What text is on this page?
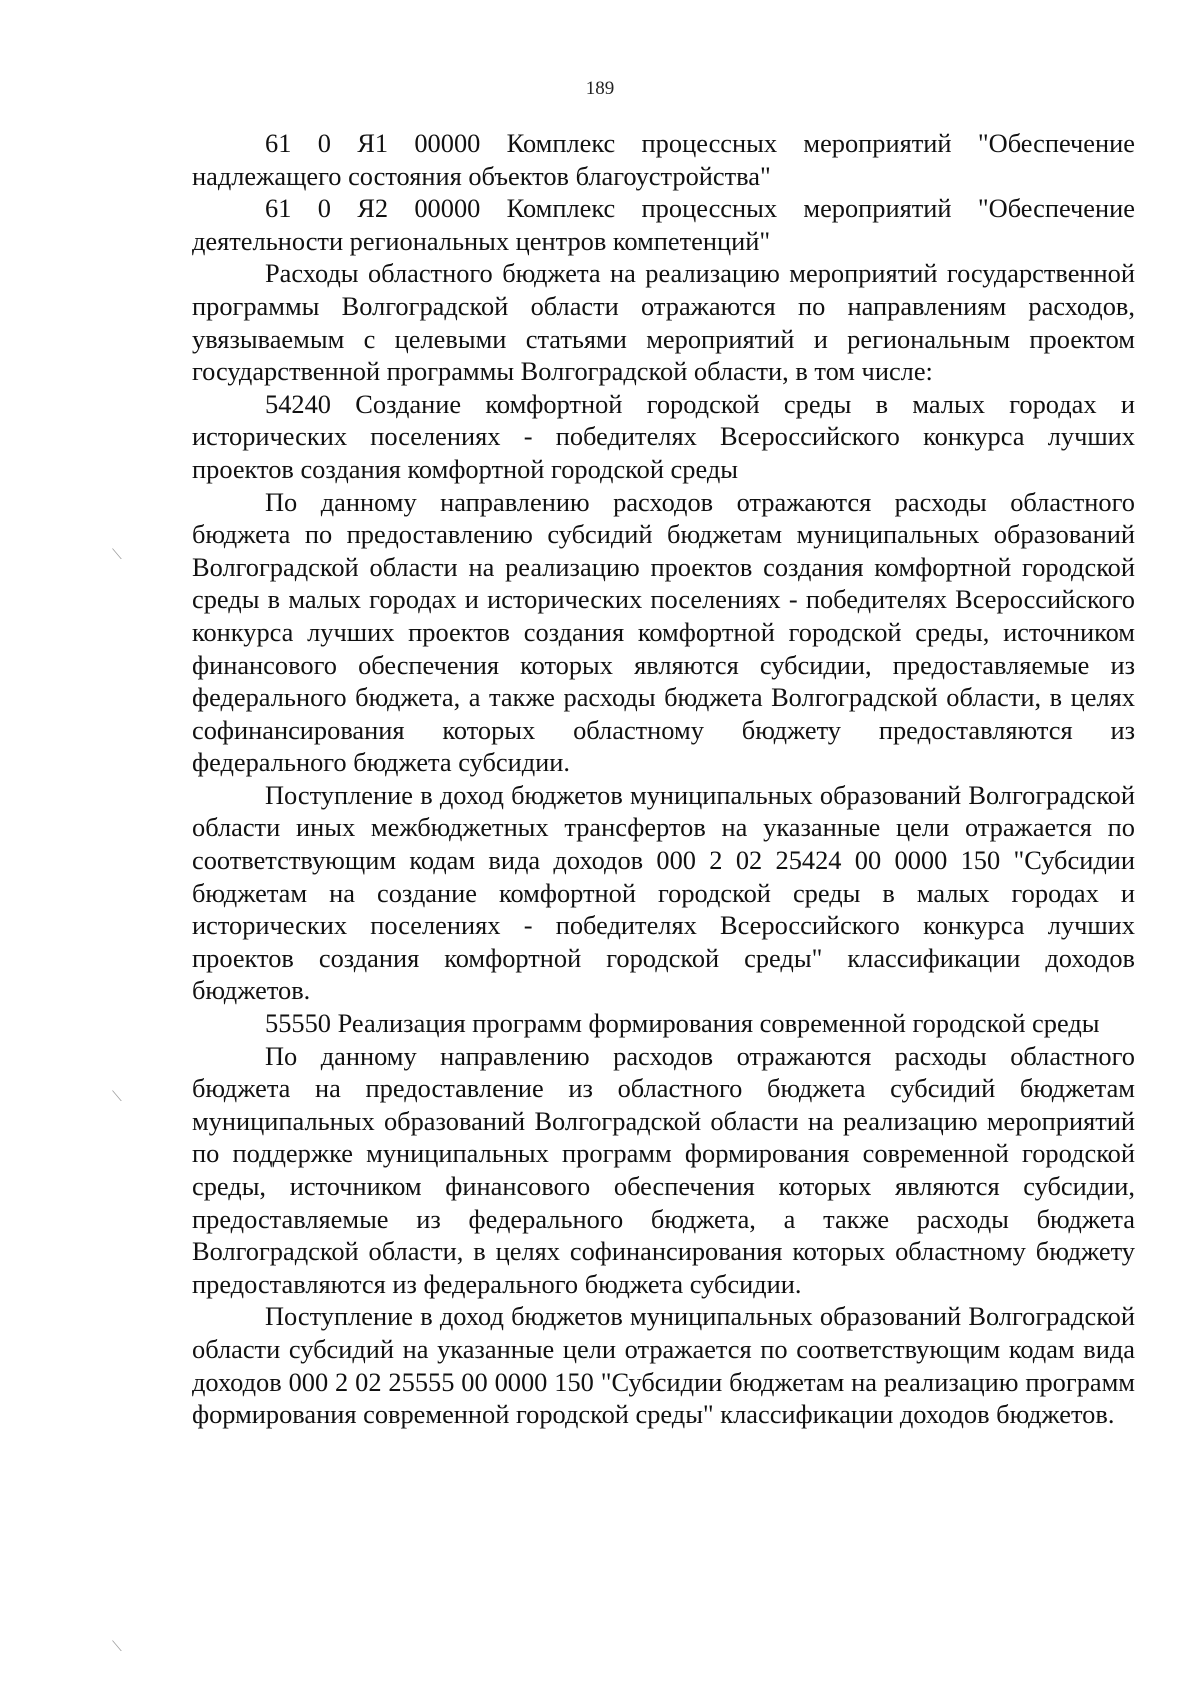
189
⟍
⟍
⟍

61 0 Я1 00000 Комплекс процессных мероприятий "Обеспечение надлежащего состояния объектов благоустройства"

61 0 Я2 00000 Комплекс процессных мероприятий "Обеспечение деятельности региональных центров компетенций"

Расходы областного бюджета на реализацию мероприятий государственной программы Волгоградской области отражаются по направлениям расходов, увязываемым с целевыми статьями мероприятий и региональным проектом государственной программы Волгоградской области, в том числе:

54240 Создание комфортной городской среды в малых городах и исторических поселениях - победителях Всероссийского конкурса лучших проектов создания комфортной городской среды

По данному направлению расходов отражаются расходы областного бюджета по предоставлению субсидий бюджетам муниципальных образований Волгоградской области на реализацию проектов создания комфортной городской среды в малых городах и исторических поселениях - победителях Всероссийского конкурса лучших проектов создания комфортной городской среды, источником финансового обеспечения которых являются субсидии, предоставляемые из федерального бюджета, а также расходы бюджета Волгоградской области, в целях софинансирования которых областному бюджету предоставляются из федерального бюджета субсидии.

Поступление в доход бюджетов муниципальных образований Волгоградской области иных межбюджетных трансфертов на указанные цели отражается по соответствующим кодам вида доходов 000 2 02 25424 00 0000 150 "Субсидии бюджетам на создание комфортной городской среды в малых городах и исторических поселениях - победителях Всероссийского конкурса лучших проектов создания комфортной городской среды" классификации доходов бюджетов.

55550 Реализация программ формирования современной городской среды

По данному направлению расходов отражаются расходы областного бюджета на предоставление из областного бюджета субсидий бюджетам муниципальных образований Волгоградской области на реализацию мероприятий по поддержке муниципальных программ формирования современной городской среды, источником финансового обеспечения которых являются субсидии, предоставляемые из федерального бюджета, а также расходы бюджета Волгоградской области, в целях софинансирования которых областному бюджету предоставляются из федерального бюджета субсидии.

Поступление в доход бюджетов муниципальных образований Волгоградской области субсидий на указанные цели отражается по соответствующим кодам вида доходов 000 2 02 25555 00 0000 150 "Субсидии бюджетам на реализацию программ формирования современной городской среды" классификации доходов бюджетов.
